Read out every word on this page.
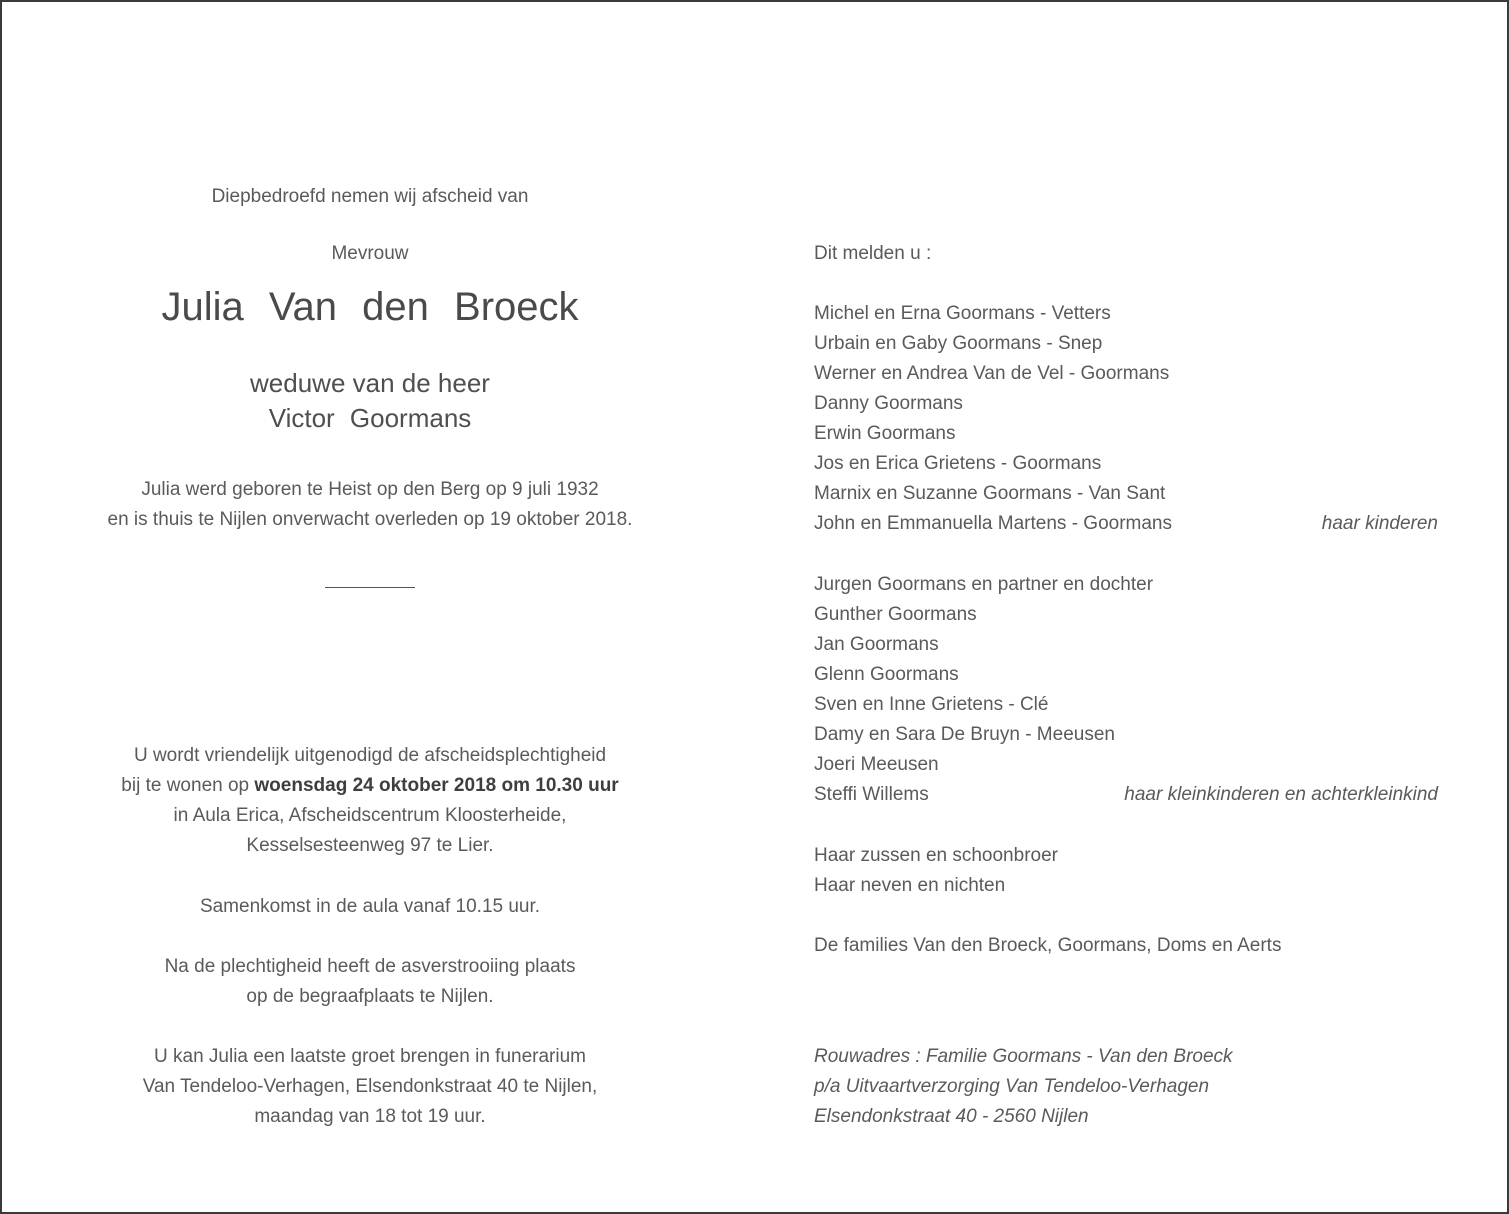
Diepbedroefd nemen wij afscheid van
Mevrouw
Julia Van den Broeck
weduwe van de heer
Victor Goormans
Julia werd geboren te Heist op den Berg op 9 juli 1932
en is thuis te Nijlen onverwacht overleden op 19 oktober 2018.
U wordt vriendelijk uitgenodigd de afscheidsplechtigheid
bij te wonen op woensdag 24 oktober 2018 om 10.30 uur
in Aula Erica, Afscheidscentrum Kloosterheide,
Kesselsesteenweg 97 te Lier.
Samenkomst in de aula vanaf 10.15 uur.
Na de plechtigheid heeft de asverstrooiing plaats
op de begraafplaats te Nijlen.
U kan Julia een laatste groet brengen in funerarium
Van Tendeloo-Verhagen, Elsendonkstraat 40 te Nijlen,
maandag van 18 tot 19 uur.
Dit melden u :
Michel en Erna Goormans - Vetters
Urbain en Gaby Goormans - Snep
Werner en Andrea Van de Vel - Goormans
Danny Goormans
Erwin Goormans
Jos en Erica Grietens - Goormans
Marnix en Suzanne Goormans - Van Sant
John en Emmanuella Martens - Goormans	haar kinderen
Jurgen Goormans en partner en dochter
Gunther Goormans
Jan Goormans
Glenn Goormans
Sven en Inne Grietens - Clé
Damy en Sara De Bruyn - Meeusen
Joeri Meeusen
Steffi Willems	haar kleinkinderen en achterkleinkind
Haar zussen en schoonbroer
Haar neven en nichten
De families Van den Broeck, Goormans, Doms en Aerts
Rouwadres : Familie Goormans - Van den Broeck
p/a Uitvaartverzorging Van Tendeloo-Verhagen
Elsendonkstraat 40 - 2560 Nijlen
